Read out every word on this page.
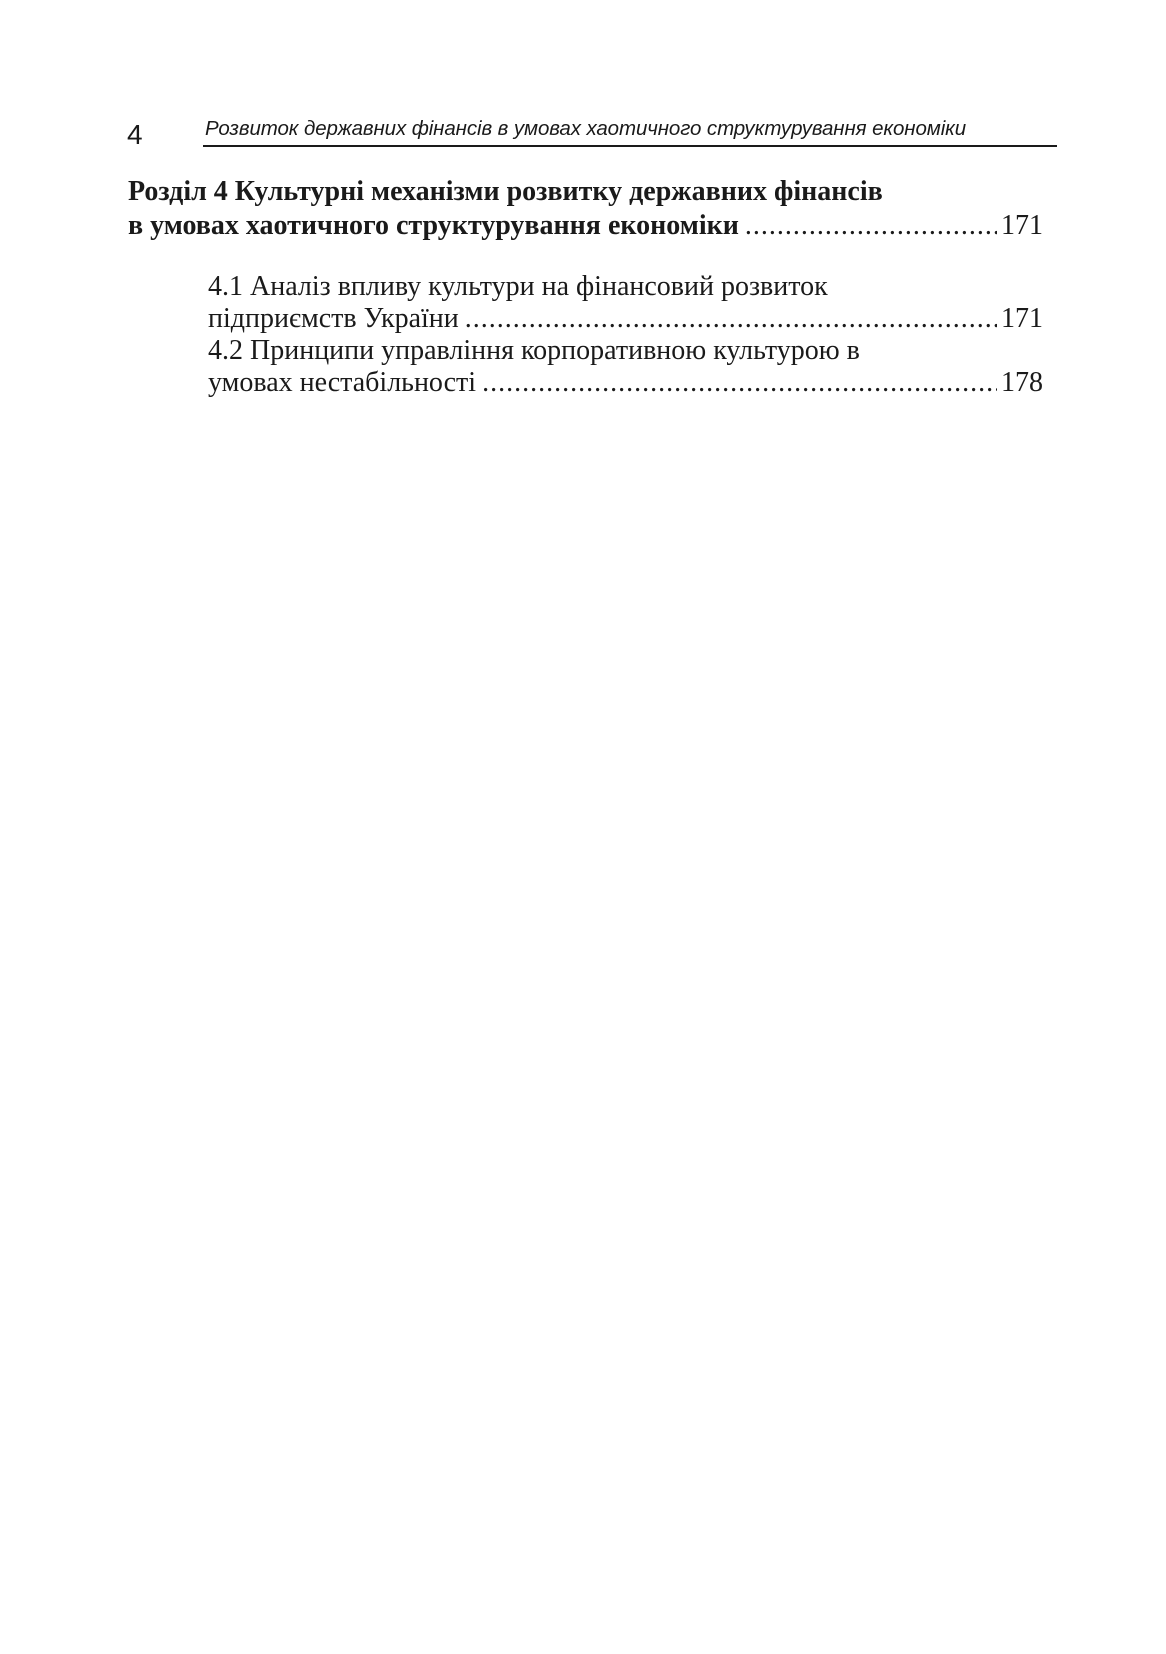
4	Розвиток державних фінансів в умовах хаотичного структурування економіки
Розділ 4 Культурні механізми розвитку державних фінансів
в умовах хаотичного структурування економіки .....	171
4.1 Аналіз впливу культури на фінансовий розвиток
підприємств України .....	171
4.2 Принципи управління корпоративною культурою в
умовах нестабільності .....	178
